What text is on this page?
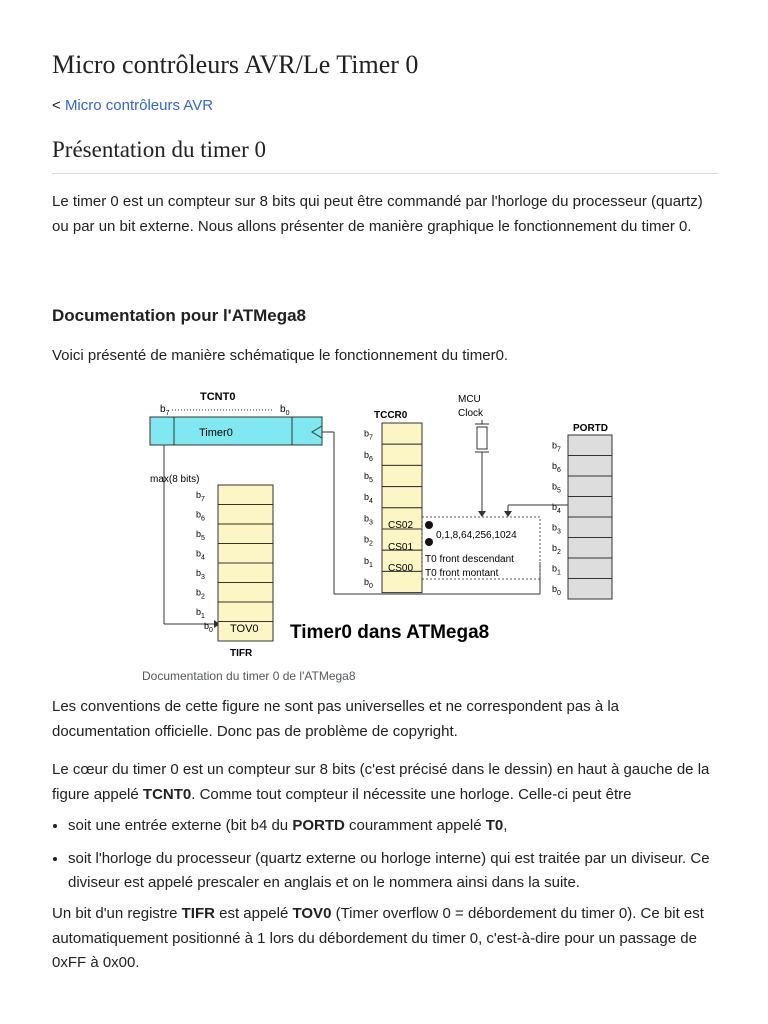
Micro contrôleurs AVR/Le Timer 0
< Micro contrôleurs AVR
Présentation du timer 0

Le timer 0 est un compteur sur 8 bits qui peut être commandé par l'horloge du processeur (quartz) ou par un bit externe. Nous allons présenter de manière graphique le fonctionnement du timer 0.

Documentation pour l'ATMega8

Voici présenté de manière schématique le fonctionnement du timer0.

TCNT0
$b_7$	$b_0$
Timer0
max(8 bits)
$b_7$
$b_6$
$b_5$
$b_4$
$b_3$
$b_2$
$b_1$
$b_0$ TOV0
TIFR
TCCR0
$b_7$
$b_6$
$b_5$
$b_4$
$b_3$
$b_2$
$b_1$
$b_0$
CS02
CS01
CS00
0,1,8,64,256,1024
T0 front descendant
T0 front montant
MCU
Clock
PORTD
$b_7$
$b_6$
$b_5$
$b_4$
$b_3$
$b_2$
$b_1$
$b_0$
Timer0 dans ATMega8
Documentation du timer 0 de l'ATMega8

Les conventions de cette figure ne sont pas universelles et ne correspondent pas à la documentation officielle. Donc pas de problème de copyright.

Le cœur du timer 0 est un compteur sur 8 bits (c'est précisé dans le dessin) en haut à gauche de la figure appelé TCNT0. Comme tout compteur il nécessite une horloge. Celle-ci peut être

• soit une entrée externe (bit b4 du PORTD couramment appelé T0,
• soit l'horloge du processeur (quartz externe ou horloge interne) qui est traitée par un diviseur. Ce diviseur est appelé prescaler en anglais et on le nommera ainsi dans la suite.

Un bit d'un registre TIFR est appelé TOV0 (Timer overflow 0 = débordement du timer 0). Ce bit est automatiquement positionné à 1 lors du débordement du timer 0, c'est-à-dire pour un passage de 0xFF à 0x00.
